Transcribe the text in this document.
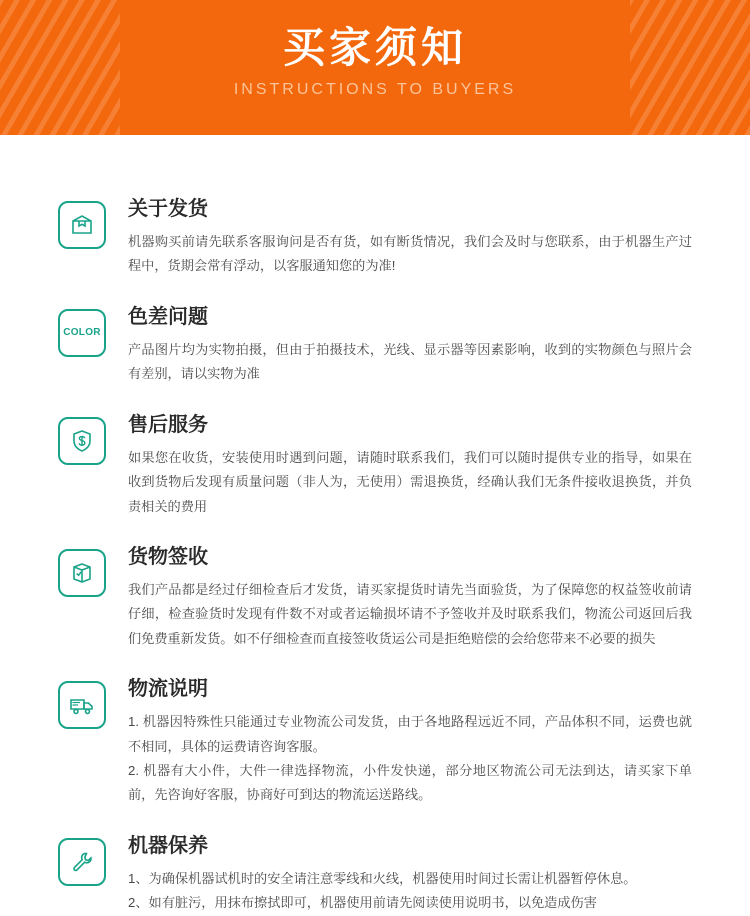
买家须知
INSTRUCTIONS TO BUYERS
关于发货

机器购买前请先联系客服询问是否有货，如有断货情况，我们会及时与您联系，由于机器生产过程中，货期会常有浮动，以客服通知您的为准!

COLOR
色差问题

产品图片均为实物拍摄，但由于拍摄技术，光线、显示器等因素影响，收到的实物颜色与照片会有差别，请以实物为准

售后服务

如果您在收货，安装使用时遇到问题，请随时联系我们，我们可以随时提供专业的指导，如果在收到货物后发现有质量问题（非人为，无使用）需退换货，经确认我们无条件接收退换货，并负责相关的费用

货物签收

我们产品都是经过仔细检查后才发货，请买家提货时请先当面验货，为了保障您的权益签收前请仔细，检查验货时发现有件数不对或者运输损坏请不予签收并及时联系我们，物流公司返回后我们免费重新发货。如不仔细检查而直接签收货运公司是拒绝赔偿的会给您带来不必要的损失

物流说明

1. 机器因特殊性只能通过专业物流公司发货，由于各地路程远近不同，产品体积不同，运费也就不相同，具体的运费请咨询客服。

2. 机器有大小件，大件一律选择物流，小件发快递，部分地区物流公司无法到达，请买家下单前，先咨询好客服，协商好可到达的物流运送路线。

机器保养

1、为确保机器试机时的安全请注意零线和火线，机器使用时间过长需让机器暂停休息。

2、如有脏污，用抹布擦拭即可，机器使用前请先阅读使用说明书，以免造成伤害
